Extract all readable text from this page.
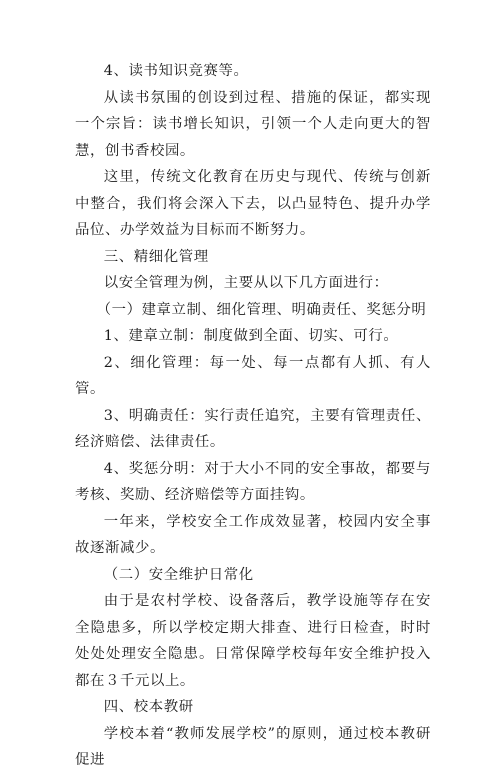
4、读书知识竞赛等。

从读书氛围的创设到过程、措施的保证，都实现一个宗旨：读书增长知识，引领一个人走向更大的智慧，创书香校园。

这里，传统文化教育在历史与现代、传统与创新中整合，我们将会深入下去，以凸显特色、提升办学品位、办学效益为目标而不断努力。

三、精细化管理

以安全管理为例，主要从以下几方面进行：

（一）建章立制、细化管理、明确责任、奖惩分明

1、建章立制：制度做到全面、切实、可行。

2、细化管理：每一处、每一点都有人抓、有人管。

3、明确责任：实行责任追究，主要有管理责任、经济赔偿、法律责任。

4、奖惩分明：对于大小不同的安全事故，都要与考核、奖励、经济赔偿等方面挂钩。

一年来，学校安全工作成效显著，校园内安全事故逐渐减少。

（二）安全维护日常化

由于是农村学校、设备落后，教学设施等存在安全隐患多，所以学校定期大排查、进行日检查，时时处处处理安全隐患。日常保障学校每年安全维护投入都在３千元以上。

四、校本教研

学校本着“教师发展学校”的原则，通过校本教研促进
